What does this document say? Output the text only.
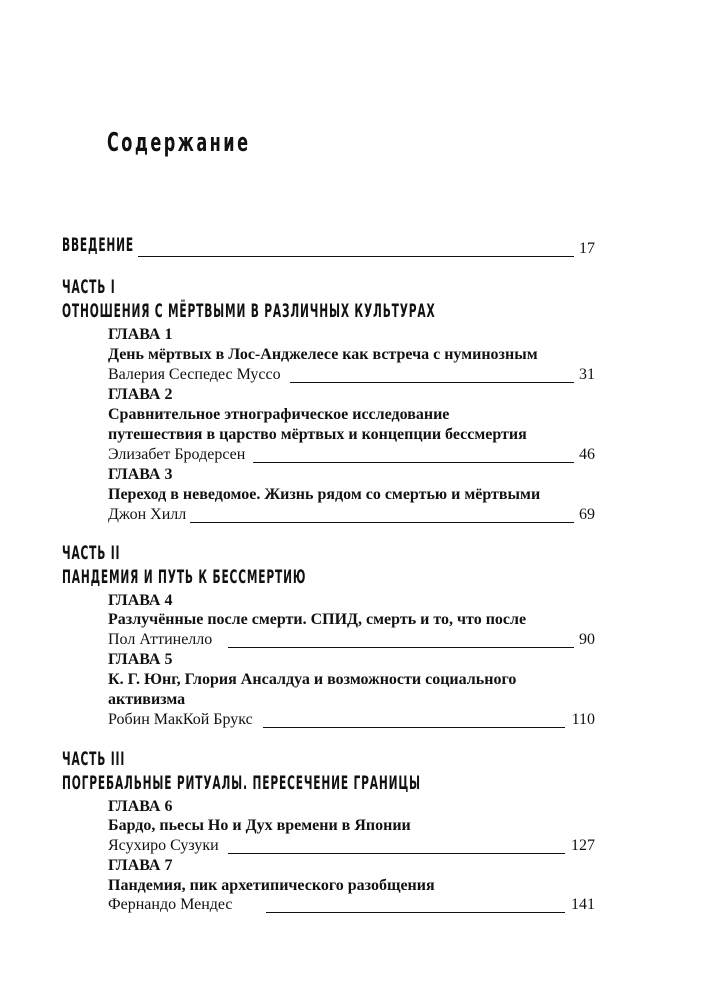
Содержание
ВВЕДЕНИЕ	17
ЧАСТЬ I
ОТНОШЕНИЯ С МЁРТВЫМИ В РАЗЛИЧНЫХ КУЛЬТУРАХ
ГЛАВА 1
День мёртвых в Лос-Анджелесе как встреча с нуминозным
Валерия Сеспедес Муссо	31
ГЛАВА 2
Сравнительное этнографическое исследование
путешествия в царство мёртвых и концепции бессмертия
Элизабет Бродерсен	46
ГЛАВА 3
Переход в неведомое. Жизнь рядом со смертью и мёртвыми
Джон Хилл	69
ЧАСТЬ II
ПАНДЕМИЯ И ПУТЬ К БЕССМЕРТИЮ
ГЛАВА 4
Разлучённые после смерти. СПИД, смерть и то, что после
Пол Аттинелло	90
ГЛАВА 5
К. Г. Юнг, Глория Ансалдуа и возможности социального
активизма
Робин МакКой Брукс	110
ЧАСТЬ III
ПОГРЕБАЛЬНЫЕ РИТУАЛЫ. ПЕРЕСЕЧЕНИЕ ГРАНИЦЫ
ГЛАВА 6
Бардо, пьесы Но и Дух времени в Японии
Ясухиро Сузуки	127
ГЛАВА 7
Пандемия, пик архетипического разобщения
Фернандо Мендес	141
